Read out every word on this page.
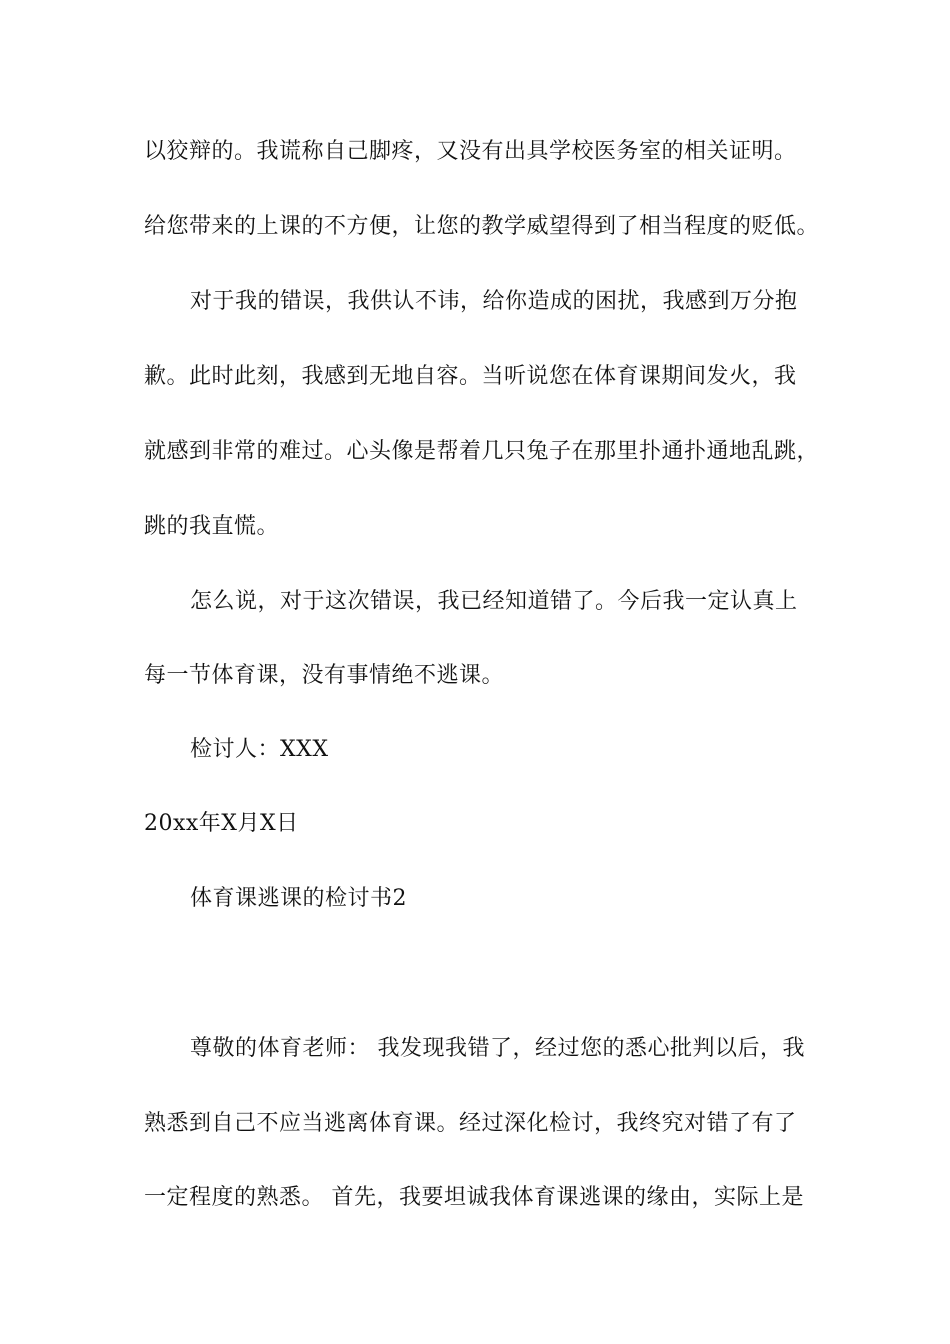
以狡辩的。我谎称自己脚疼，又没有出具学校医务室的相关证明。
给您带来的上课的不方便，让您的教学威望得到了相当程度的贬低。
对于我的错误，我供认不讳，给你造成的困扰，我感到万分抱
歉。此时此刻，我感到无地自容。当听说您在体育课期间发火，我
就感到非常的难过。心头像是帮着几只兔子在那里扑通扑通地乱跳，
跳的我直慌。
怎么说，对于这次错误，我已经知道错了。今后我一定认真上
每一节体育课，没有事情绝不逃课。
检讨人：XXX
20xx年X月X日
体育课逃课的检讨书2
尊敬的体育老师： 我发现我错了，经过您的悉心批判以后，我
熟悉到自己不应当逃离体育课。经过深化检讨，我终究对错了有了
一定程度的熟悉。 首先，我要坦诚我体育课逃课的缘由，实际上是
